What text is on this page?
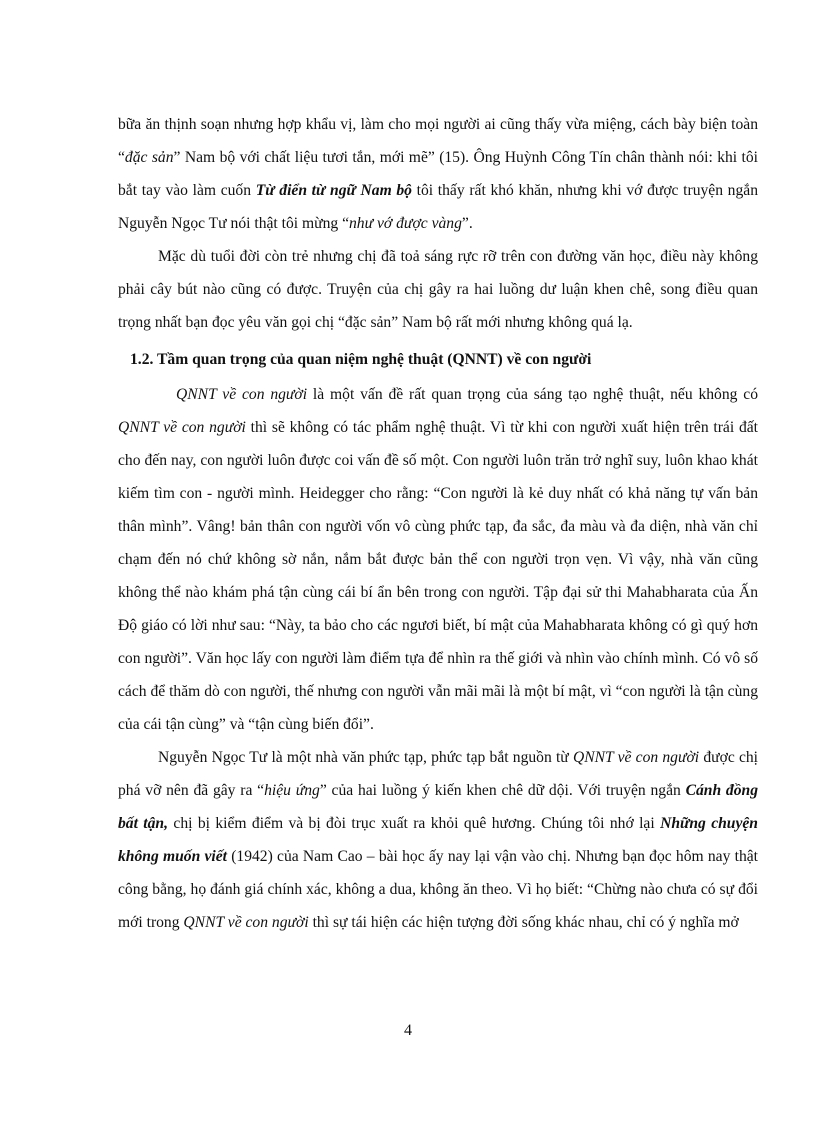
bữa ăn thịnh soạn nhưng hợp khẩu vị, làm cho mọi người ai cũng thấy vừa miệng, cách bày biện toàn “đặc sản” Nam bộ với chất liệu tươi tắn, mới mẽ” (15). Ông Huỳnh Công Tín chân thành nói: khi tôi bắt tay vào làm cuốn Từ điển từ ngữ Nam bộ tôi thấy rất khó khăn, nhưng khi vớ được truyện ngắn Nguyễn Ngọc Tư nói thật tôi mừng “như vớ được vàng”.

Mặc dù tuổi đời còn trẻ nhưng chị đã toả sáng rực rỡ trên con đường văn học, điều này không phải cây bút nào cũng có được. Truyện của chị gây ra hai luồng dư luận khen chê, song điều quan trọng nhất bạn đọc yêu văn gọi chị “đặc sản” Nam bộ rất mới nhưng không quá lạ.

1.2. Tầm quan trọng của quan niệm nghệ thuật (QNNT) về con người

QNNT về con người là một vấn đề rất quan trọng của sáng tạo nghệ thuật, nếu không có QNNT về con người thì sẽ không có tác phẩm nghệ thuật. Vì từ khi con người xuất hiện trên trái đất cho đến nay, con người luôn được coi vấn đề số một. Con người luôn trăn trở nghĩ suy, luôn khao khát kiếm tìm con - người mình. Heidegger cho rằng: “Con người là kẻ duy nhất có khả năng tự vấn bản thân mình”. Vâng! bản thân con người vốn vô cùng phức tạp, đa sắc, đa màu và đa diện, nhà văn chỉ chạm đến nó chứ không sờ nắn, nắm bắt được bản thể con người trọn vẹn. Vì vậy, nhà văn cũng không thể nào khám phá tận cùng cái bí ẩn bên trong con người. Tập đại sử thi Mahabharata của Ấn Độ giáo có lời như sau: “Này, ta bảo cho các ngươi biết, bí mật của Mahabharata không có gì quý hơn con người”. Văn học lấy con người làm điểm tựa để nhìn ra thế giới và nhìn vào chính mình. Có vô số cách để thăm dò con người, thế nhưng con người vẫn mãi mãi là một bí mật, vì “con người là tận cùng của cái tận cùng” và “tận cùng biến đổi”.

Nguyễn Ngọc Tư là một nhà văn phức tạp, phức tạp bắt nguồn từ QNNT về con người được chị phá vỡ nên đã gây ra “hiệu ứng” của hai luồng ý kiến khen chê dữ dội. Với truyện ngắn Cánh đồng bất tận, chị bị kiểm điểm và bị đòi trục xuất ra khỏi quê hương. Chúng tôi nhớ lại Những chuyện không muốn viết (1942) của Nam Cao – bài học ấy nay lại vận vào chị. Nhưng bạn đọc hôm nay thật công bằng, họ đánh giá chính xác, không a dua, không ăn theo. Vì họ biết: “Chừng nào chưa có sự đổi mới trong QNNT về con người thì sự tái hiện các hiện tượng đời sống khác nhau, chỉ có ý nghĩa mở

4
